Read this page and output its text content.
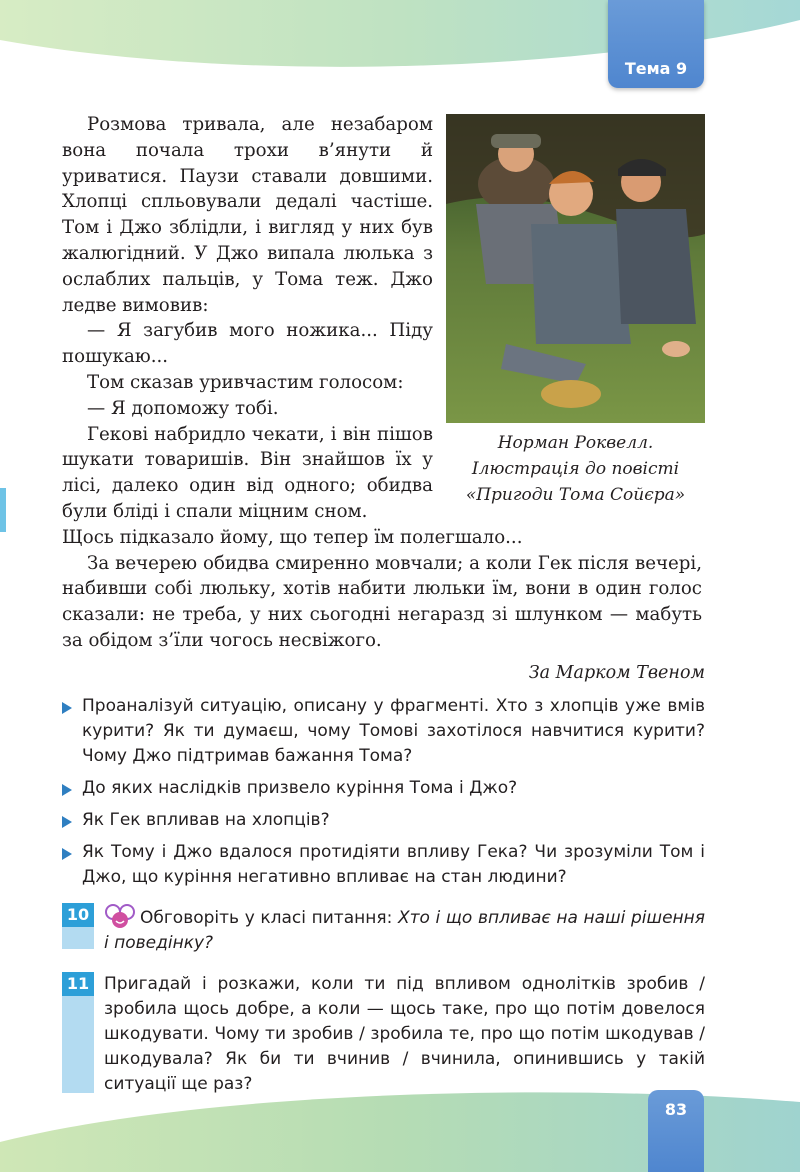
Тема 9

Розмова тривала, але незабаром вона почала трохи в’янути й уриватися. Паузи ставали довшими. Хлопці спльовували дедалі частіше. Том і Джо зблідли, і вигляд у них був жалюгідний. У Джо випала люлька з ослаблих пальців, у Тома теж. Джо ледве вимовив:

— Я загубив мого ножика... Піду пошукаю...

Том сказав уривчастим голосом:

— Я допоможу тобі.

Гекові набридло чекати, і він пішов шукати товаришів. Він знайшов їх у лісі, далеко один від одного; обидва були бліді і спали міцним сном.

Щось підказало йому, що тепер їм полегшало...

За вечерею обидва смиренно мовчали; а коли Гек після вечері, набивши собі люльку, хотів набити люльки їм, вони в один голос сказали: не треба, у них сьогодні негаразд зі шлунком — мабуть за обідом з’їли чогось несвіжого.

Норман Роквелл.
Ілюстрація до повісті
«Пригоди Тома Сойєра»
За Марком Твеном
Проаналізуй ситуацію, описану у фрагменті. Хто з хлопців уже вмів курити? Як ти думаєш, чому Томові захотілося навчитися курити? Чому Джо підтримав бажання Тома?
До яких наслідків призвело куріння Тома і Джо?
Як Гек впливав на хлопців?
Як Тому і Джо вдалося протидіяти впливу Гека? Чи зрозуміли Том і Джо, що куріння негативно впливає на стан людини?
10	Обговоріть у класі питання: Хто і що впливає на наші рішення і поведінку?
11 Пригадай і розкажи, коли ти під впливом однолітків зробив / зробила щось добре, а коли — щось таке, про що потім довелося шкодувати. Чому ти зробив / зробила те, про що потім шкодував / шкодувала? Як би ти вчинив / вчинила, опинившись у такій ситуації ще раз?
83
